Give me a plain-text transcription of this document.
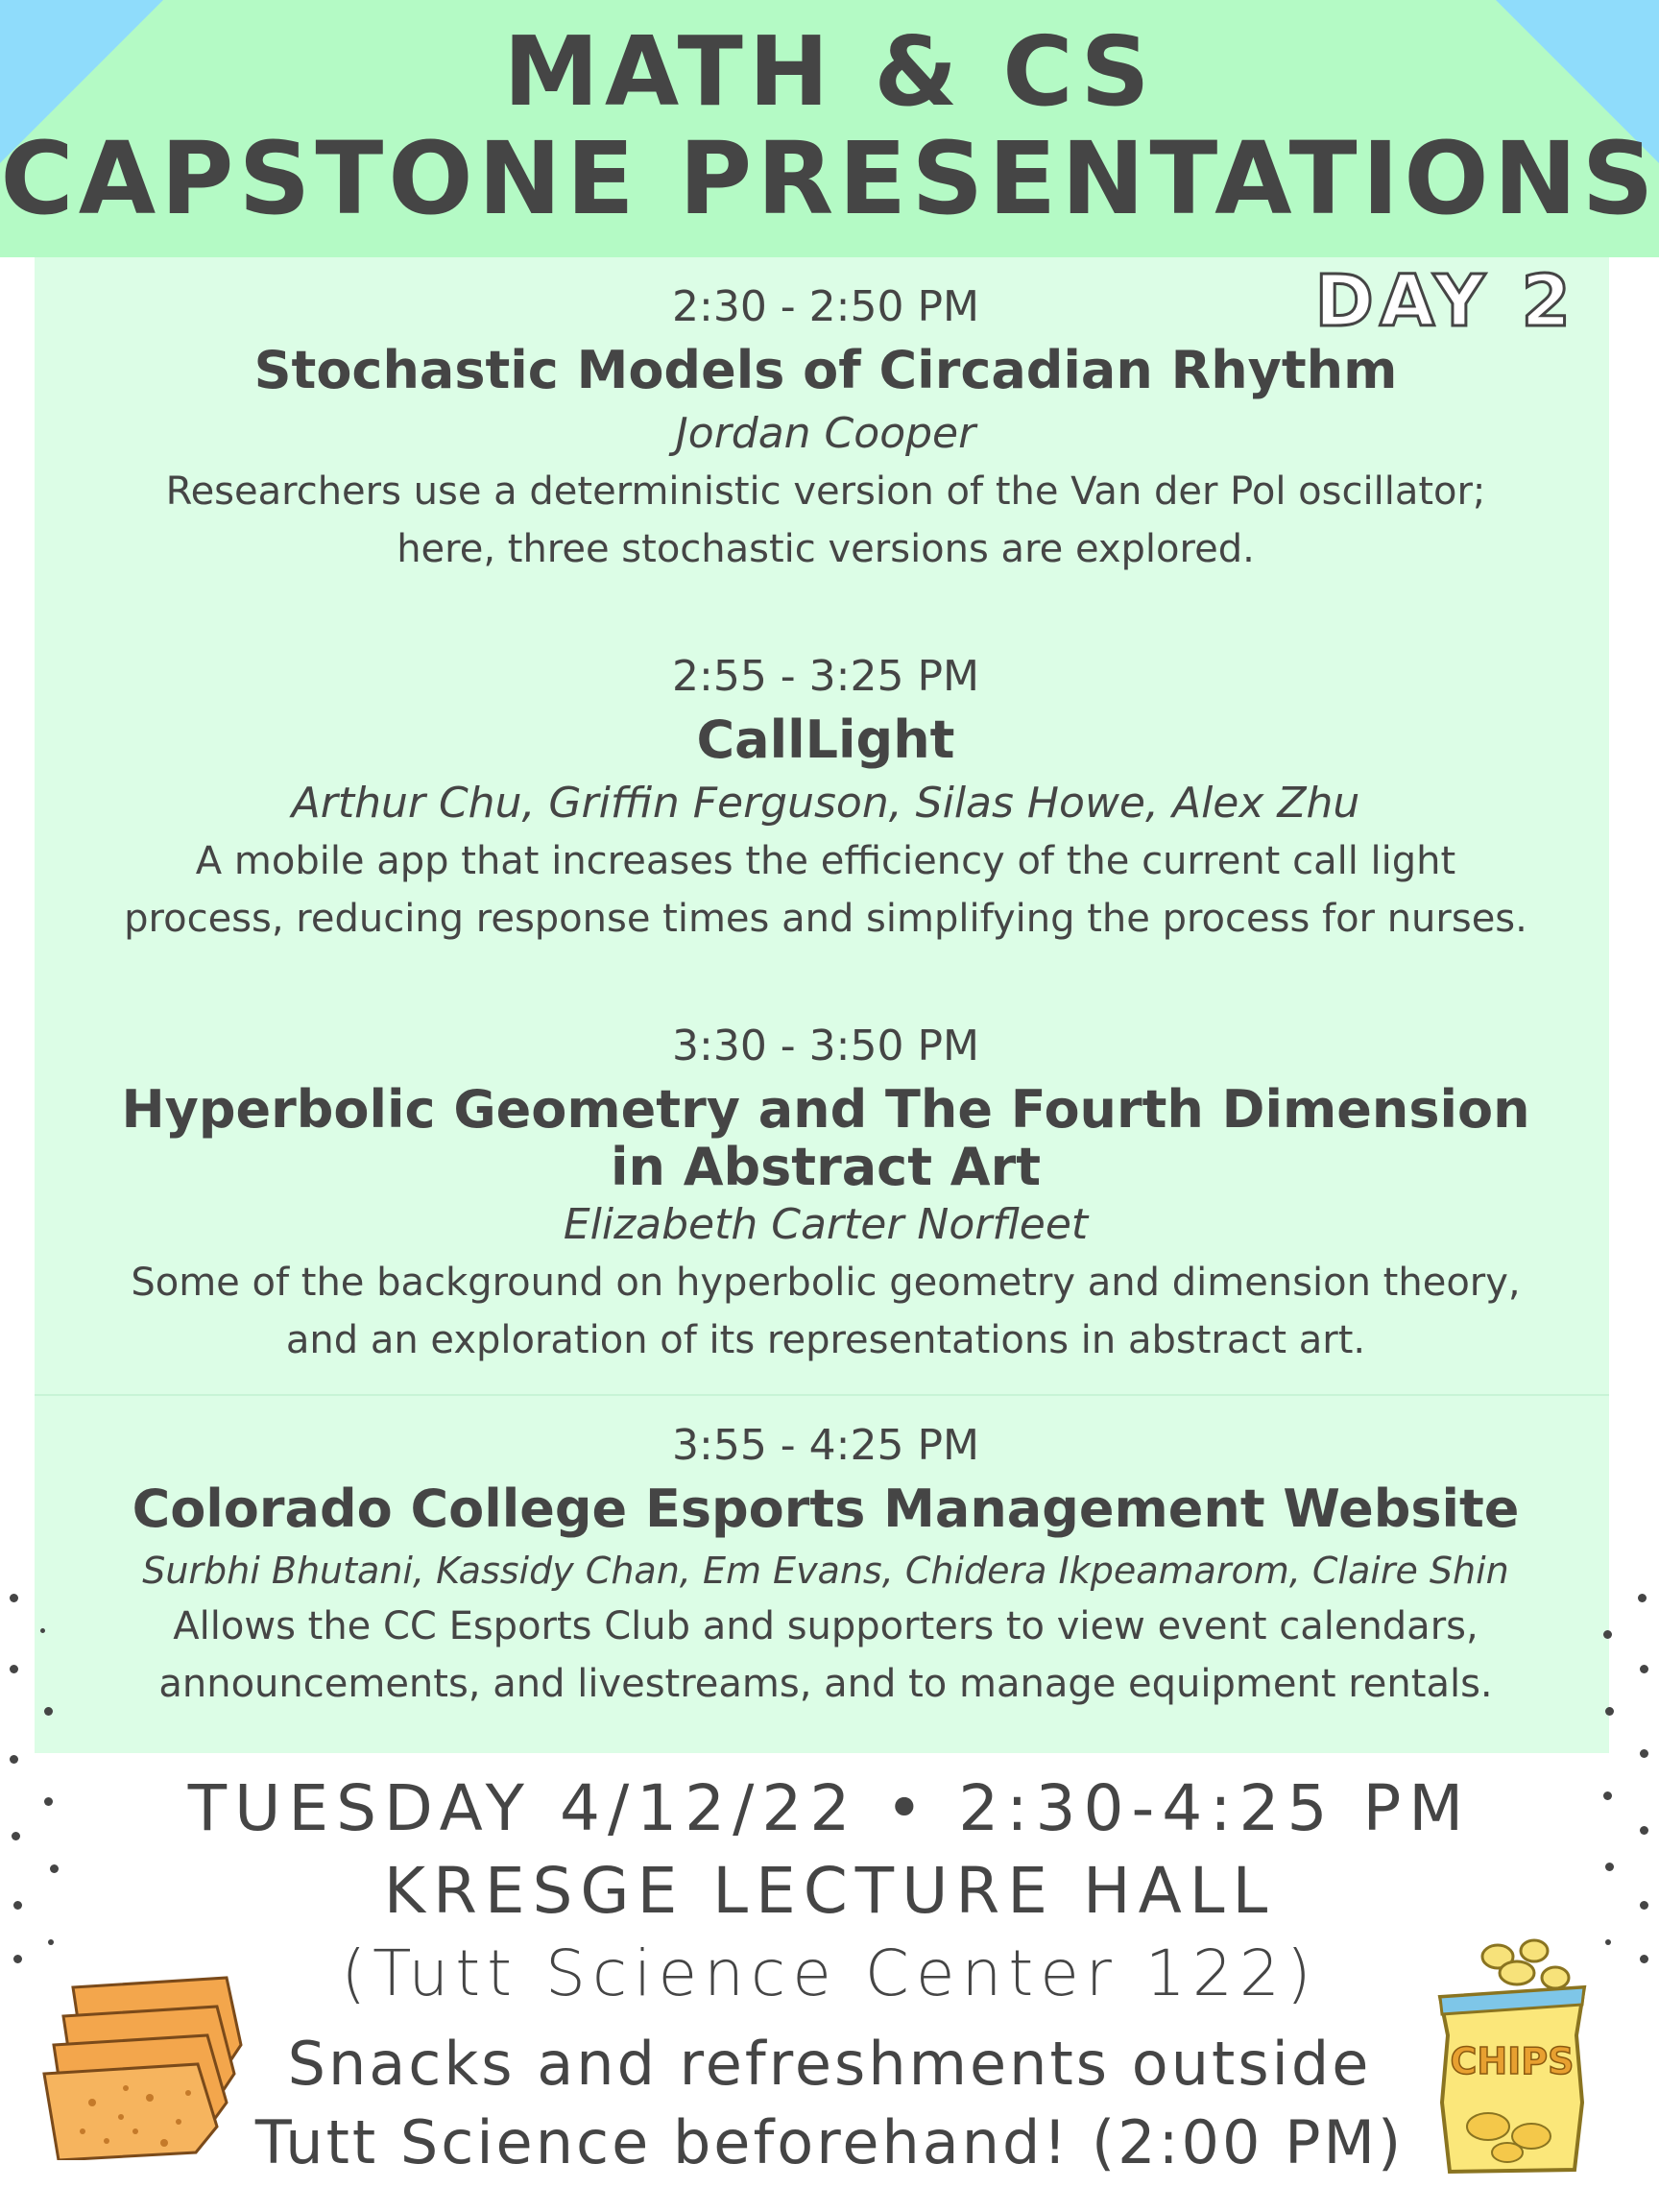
MATH & CS
CAPSTONE PRESENTATIONS
DAY 2
2:30 - 2:50 PM
Stochastic Models of Circadian Rhythm
Jordan Cooper
Researchers use a deterministic version of the Van der Pol oscillator;
here, three stochastic versions are explored.
2:55 - 3:25 PM
CallLight
Arthur Chu, Griffin Ferguson, Silas Howe, Alex Zhu
A mobile app that increases the efficiency of the current call light
process, reducing response times and simplifying the process for nurses.
3:30 - 3:50 PM
Hyperbolic Geometry and The Fourth Dimension
in Abstract Art
Elizabeth Carter Norfleet
Some of the background on hyperbolic geometry and dimension theory,
and an exploration of its representations in abstract art.
3:55 - 4:25 PM
Colorado College Esports Management Website
Surbhi Bhutani, Kassidy Chan, Em Evans, Chidera Ikpeamarom, Claire Shin
Allows the CC Esports Club and supporters to view event calendars,
announcements, and livestreams, and to manage equipment rentals.
TUESDAY 4/12/22 • 2:30-4:25 PM
KRESGE LECTURE HALL
(Tutt Science Center 122)
Snacks and refreshments outside
Tutt Science beforehand! (2:00 PM)
CHIPS
